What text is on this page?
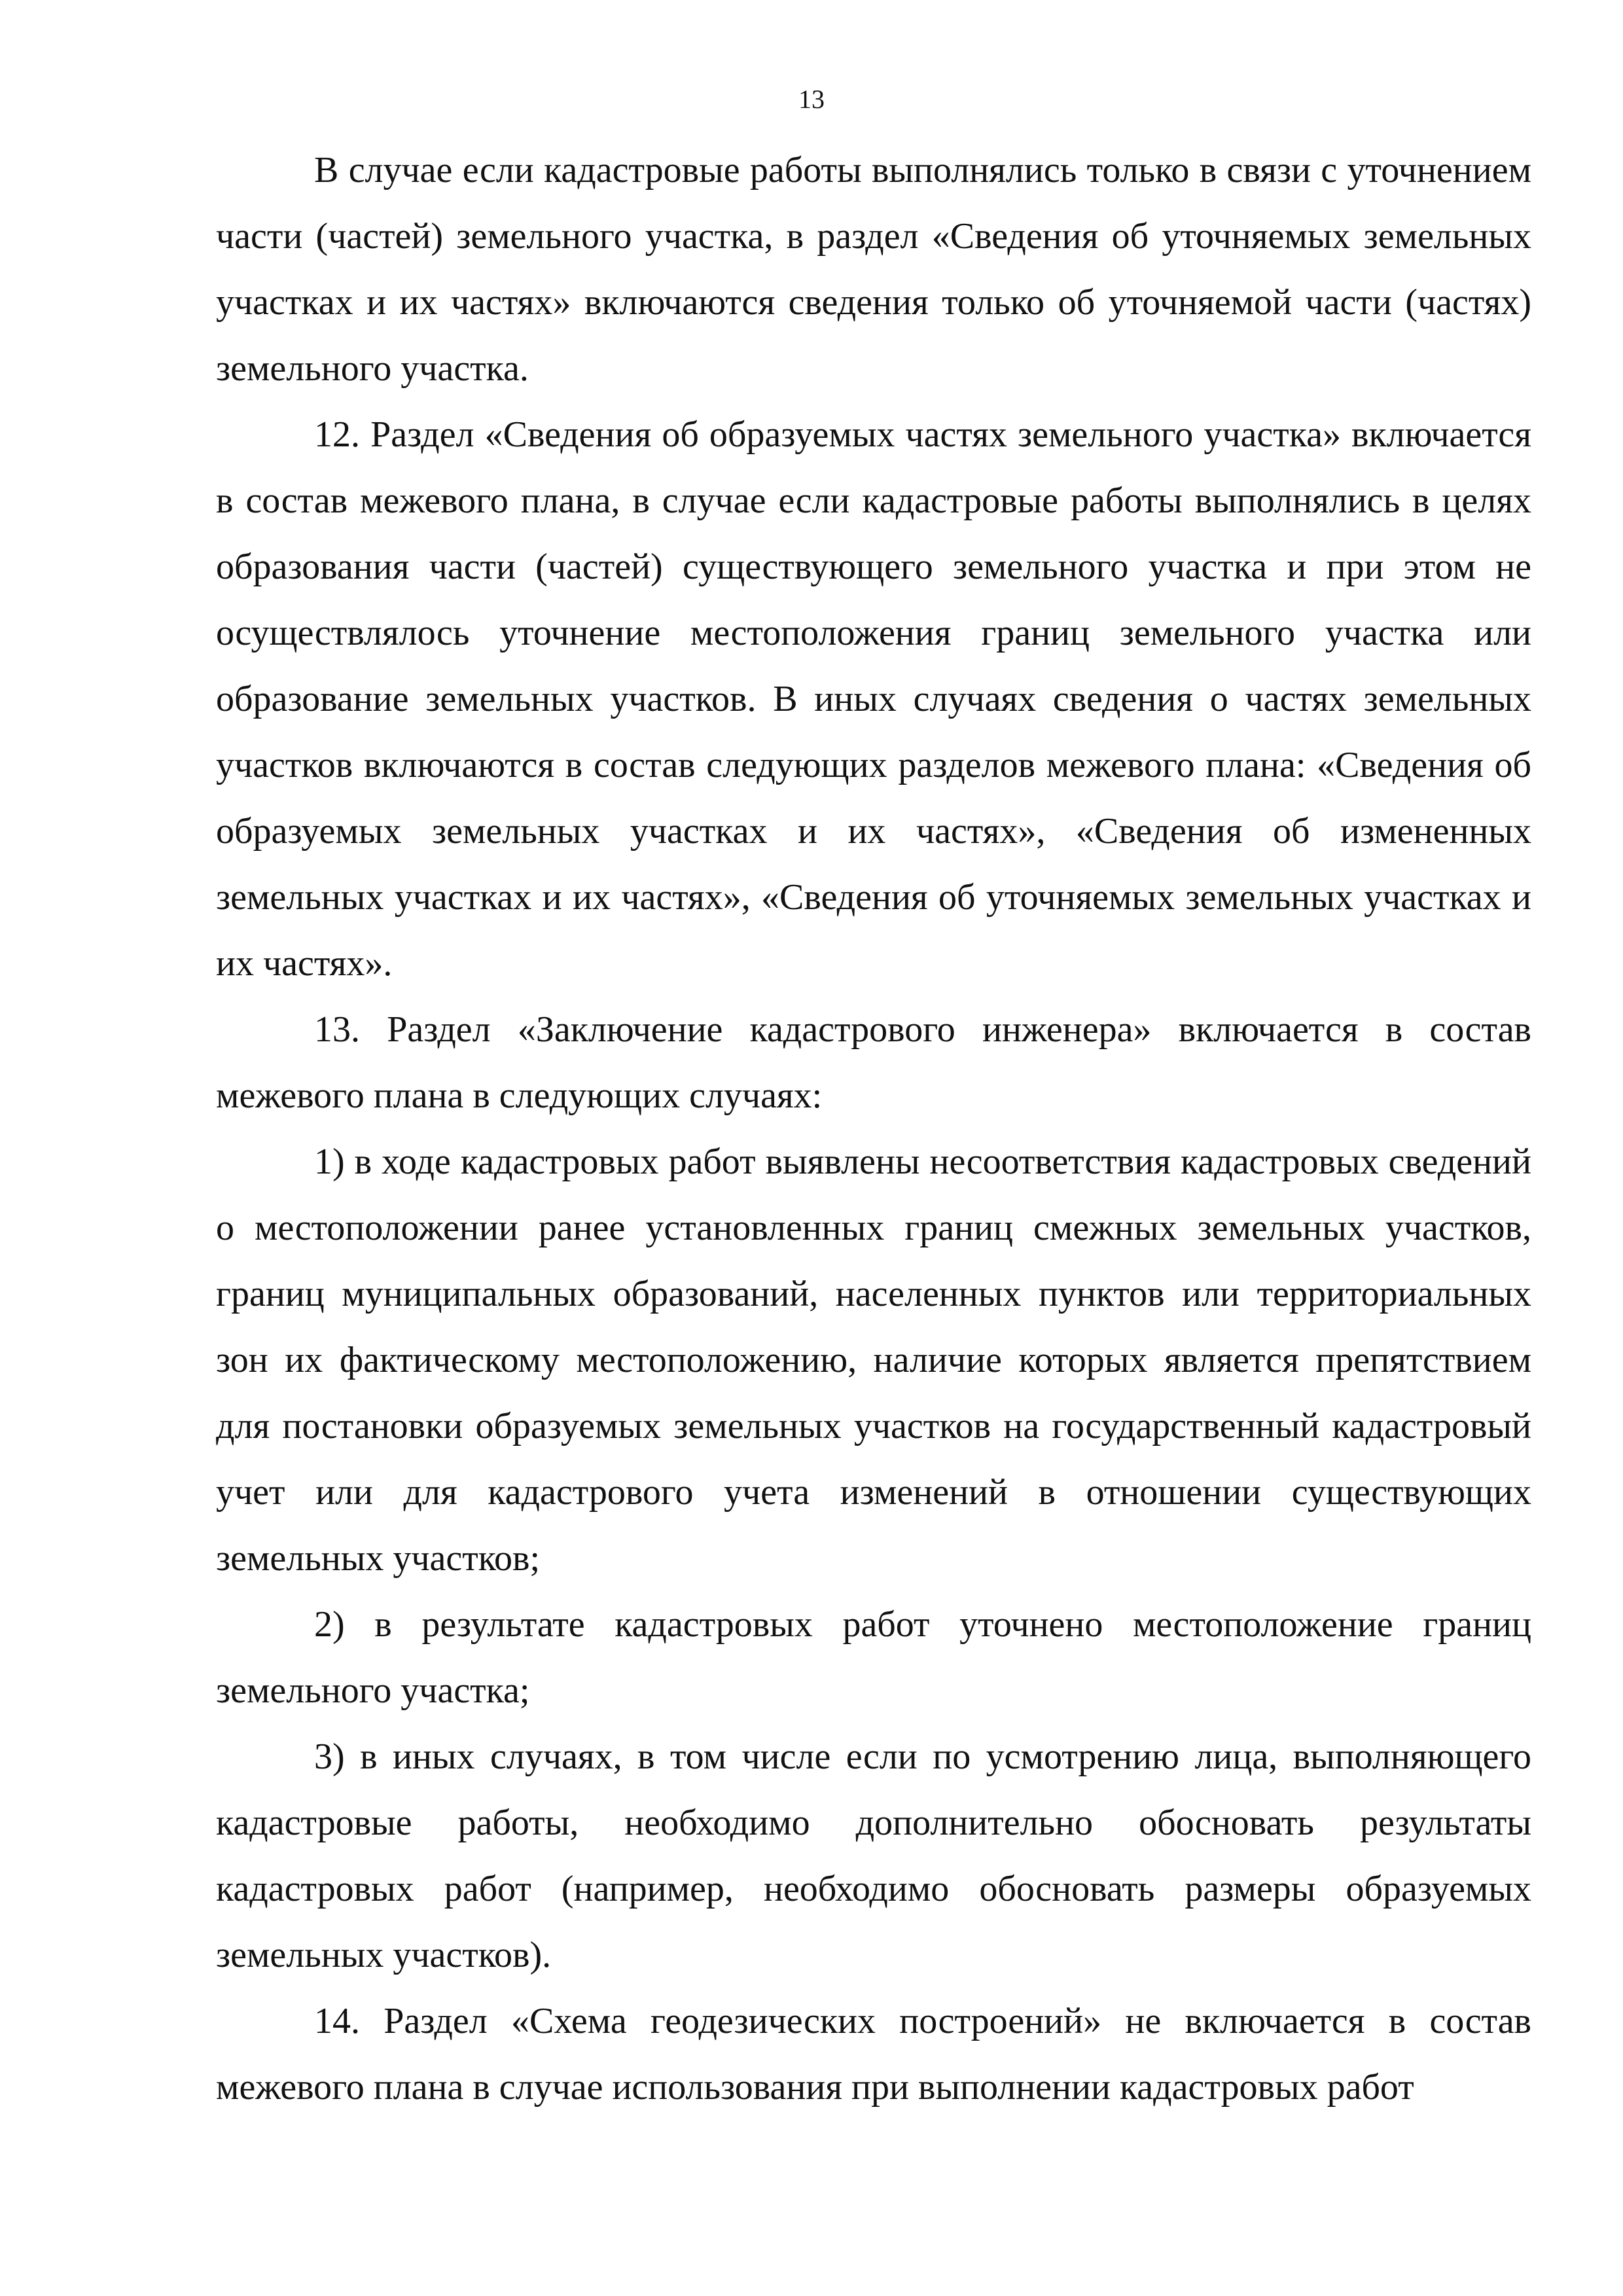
13

В случае если кадастровые работы выполнялись только в связи с уточнением части (частей) земельного участка, в раздел «Сведения об уточняемых земельных участках и их частях» включаются сведения только об уточняемой части (частях) земельного участка.

12. Раздел «Сведения об образуемых частях земельного участка» включается в состав межевого плана, в случае если кадастровые работы выполнялись в целях образования части (частей) существующего земельного участка и при этом не осуществлялось уточнение местоположения границ земельного участка или образование земельных участков. В иных случаях сведения о частях земельных участков включаются в состав следующих разделов межевого плана: «Сведения об образуемых земельных участках и их частях», «Сведения об измененных земельных участках и их частях», «Сведения об уточняемых земельных участках и их частях».

13. Раздел «Заключение кадастрового инженера» включается в состав межевого плана в следующих случаях:

1) в ходе кадастровых работ выявлены несоответствия кадастровых сведений о местоположении ранее установленных границ смежных земельных участков, границ муниципальных образований, населенных пунктов или территориальных зон их фактическому местоположению, наличие которых является препятствием для постановки образуемых земельных участков на государственный кадастровый учет или для кадастрового учета изменений в отношении существующих земельных участков;

2) в результате кадастровых работ уточнено местоположение границ земельного участка;

3) в иных случаях, в том числе если по усмотрению лица, выполняющего кадастровые работы, необходимо дополнительно обосновать результаты кадастровых работ (например, необходимо обосновать размеры образуемых земельных участков).

14. Раздел «Схема геодезических построений» не включается в состав межевого плана в случае использования при выполнении кадастровых работ
